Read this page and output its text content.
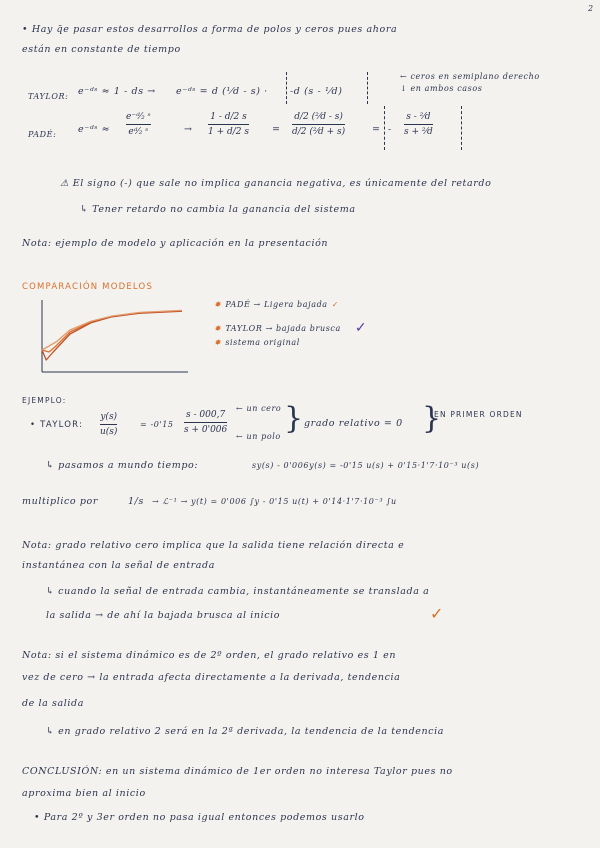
2
• Hay q̄e pasar estos desarrollos a forma de polos y ceros pues ahora
están en constante de tiempo
TAYLOR: e⁻ᵈˢ ≈ 1 - ds → e⁻ᵈˢ = d (¹⁄d - s) · -d (s - ¹⁄d)
← ceros en semiplano derecho
↓ en ambos casos
PADÉ: e⁻ᵈˢ ≈
e⁻ᵈ⁄₂ ˢ
eᵈ⁄₂ ˢ	→
1 - d/2 s
1 + d/2 s =
d/2 (²⁄d - s)
d/2 (²⁄d + s)	= -
s - ²⁄d
s + ²⁄d
⚠ El signo (-) que sale no implica ganancia negativa, es únicamente del retardo
↳ Tener retardo no cambia la ganancia del sistema
Nota: ejemplo de modelo y aplicación en la presentación
COMPARACIÓN MODELOS
✸ PADÉ → Ligera bajada ✓
✸ TAYLOR → bajada brusca ✓
✸ sistema original
EJEMPLO:
• TAYLOR:
y(s)
u(s)
= -0'15
s - 000,7
s + 0'006
← un cero
← un polo
} grado relativo = 0 }
EN PRIMER ORDEN
↳ pasamos a mundo tiempo:	sy(s) - 0'006y(s) = -0'15 u(s) + 0'15·1'7·10⁻³ u(s)
multiplico por	1/s → ℒ⁻¹ → y(t) = 0'006 ∫y - 0'15 u(t) + 0'14·1'7·10⁻³ ∫u
Nota: grado relativo cero implica que la salida tiene relación directa e
instantánea con la señal de entrada
↳ cuando la señal de entrada cambia, instantáneamente se translada a
la salida → de ahí la bajada brusca al inicio	✓
Nota: si el sistema dinámico es de 2º orden, el grado relativo es 1 en
vez de cero → la entrada afecta directamente a la derivada, tendencia
de la salida
↳ en grado relativo 2 será en la 2ª derivada, la tendencia de la tendencia
CONCLUSIÓN: en un sistema dinámico de 1er orden no interesa Taylor pues no
aproxima bien al inicio
• Para 2º y 3er orden no pasa igual entonces podemos usarlo
